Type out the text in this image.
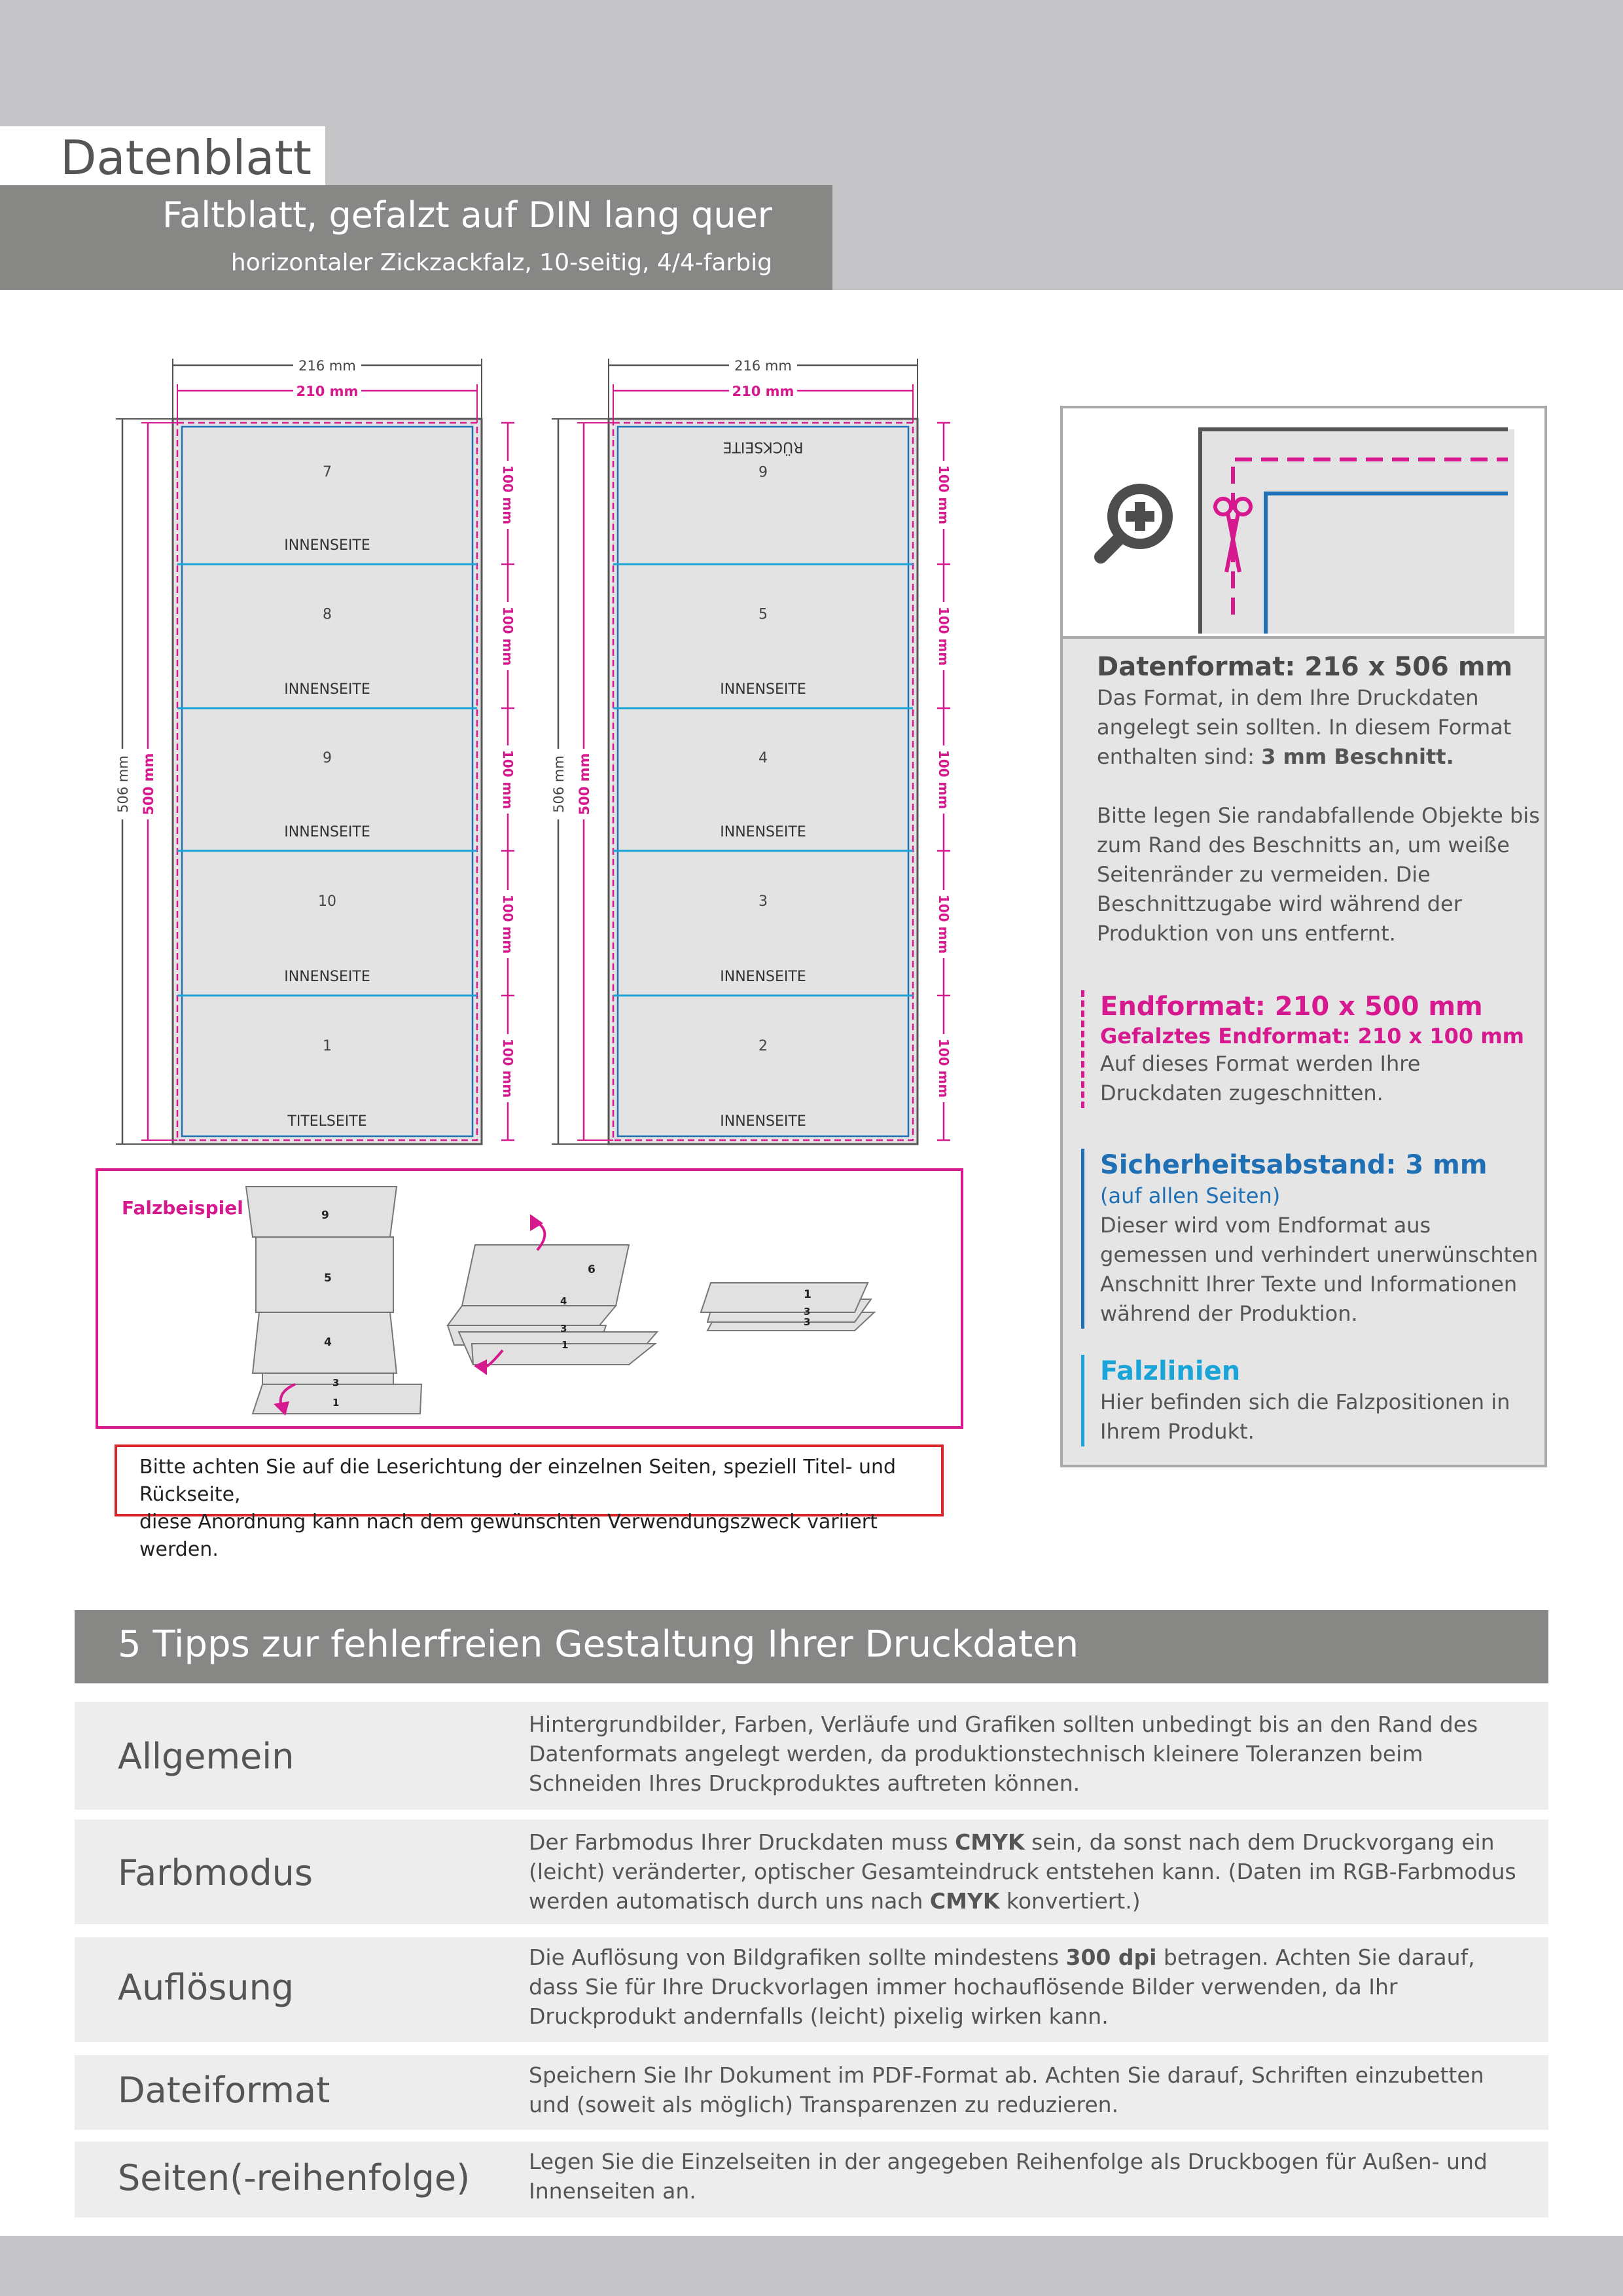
Datenblatt
Faltblatt, gefalzt auf DIN lang quer
horizontaler Zickzackfalz, 10-seitig, 4/4-farbig
7
INNENSEITE
8
INNENSEITE
9
INNENSEITE
10
INNENSEITE
1
TITELSEITE
216 mm
210 mm
506 mm 500 mm
100 mm
100 mm
100 mm
100 mm
100 mm
6
RÜCKSEITE
5
INNENSEITE
4
INNENSEITE
3
INNENSEITE
2
INNENSEITE
216 mm
210 mm
506 mm 500 mm
100 mm
100 mm
100 mm
100 mm
100 mm
Falzbeispiel	9
5
4
3
1
6
4
3
1
1
3
3
Bitte achten Sie auf die Leserichtung der einzelnen Seiten, speziell Titel- und Rückseite,
diese Anordnung kann nach dem gewünschten Verwendungszweck variiert werden.
Datenformat: 216 x 506 mm

Das Format, in dem Ihre Druckdaten angelegt sein sollten. In diesem Format enthalten sind: 3 mm Beschnitt.

Bitte legen Sie randabfallende Objekte bis zum Rand des Beschnitts an, um weiße Seitenränder zu vermeiden. Die Beschnittzugabe wird während der Produktion von uns entfernt.

Endformat: 210 x 500 mm
Gefalztes Endformat: 210 x 100 mm

Auf dieses Format werden Ihre Druckdaten zugeschnitten.

Sicherheitsabstand: 3 mm

(auf allen Seiten)

Dieser wird vom Endformat aus gemessen und verhindert unerwünschten Anschnitt Ihrer Texte und Informationen während der Produktion.

Falzlinien

Hier befinden sich die Falzpositionen in Ihrem Produkt.

5 Tipps zur fehlerfreien Gestaltung Ihrer Druckdaten
Allgemein
Hintergrundbilder, Farben, Verläufe und Grafiken sollten unbedingt bis an den Rand des Datenformats angelegt werden, da produktionstechnisch kleinere Toleranzen beim Schneiden Ihres Druckproduktes auftreten können.
Farbmodus
Der Farbmodus Ihrer Druckdaten muss CMYK sein, da sonst nach dem Druckvorgang ein (leicht) veränderter, optischer Gesamteindruck entstehen kann. (Daten im RGB-Farbmodus werden automatisch durch uns nach CMYK konvertiert.)
Auflösung
Die Auflösung von Bildgrafiken sollte mindestens 300 dpi betragen. Achten Sie darauf, dass Sie für Ihre Druckvorlagen immer hochauflösende Bilder verwenden, da Ihr Druckprodukt andernfalls (leicht) pixelig wirken kann.
Dateiformat	Speichern Sie Ihr Dokument im PDF-Format ab. Achten Sie darauf, Schriften einzubetten und (soweit als möglich) Transparenzen zu reduzieren.
Seiten(-reihenfolge)	Legen Sie die Einzelseiten in der angegeben Reihenfolge als Druckbogen für Außen- und Innenseiten an.
